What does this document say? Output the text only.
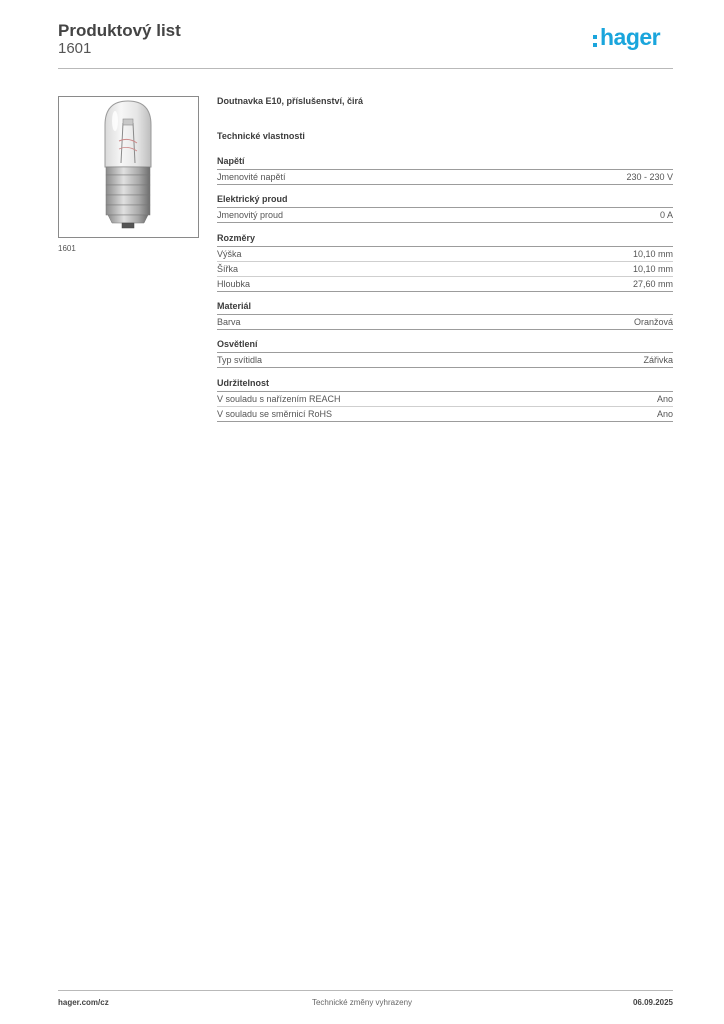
Produktový list
1601	hager
1601
Doutnavka E10, příslušenství, čirá
Technické vlastnosti
Napětí
Jmenovité napětí	230 - 230 V
Elektrický proud
Jmenovitý proud	0 A
Rozměry
Výška	10,10 mm
Šířka	10,10 mm
Hloubka	27,60 mm
Materiál
Barva	Oranžová
Osvětlení
Typ svítidla	Zářivka
Udržitelnost
V souladu s nařízením REACH	Ano
V souladu se směrnicí RoHS	Ano
Technické změny vyhrazeny
hager.com/cz	06.09.2025
